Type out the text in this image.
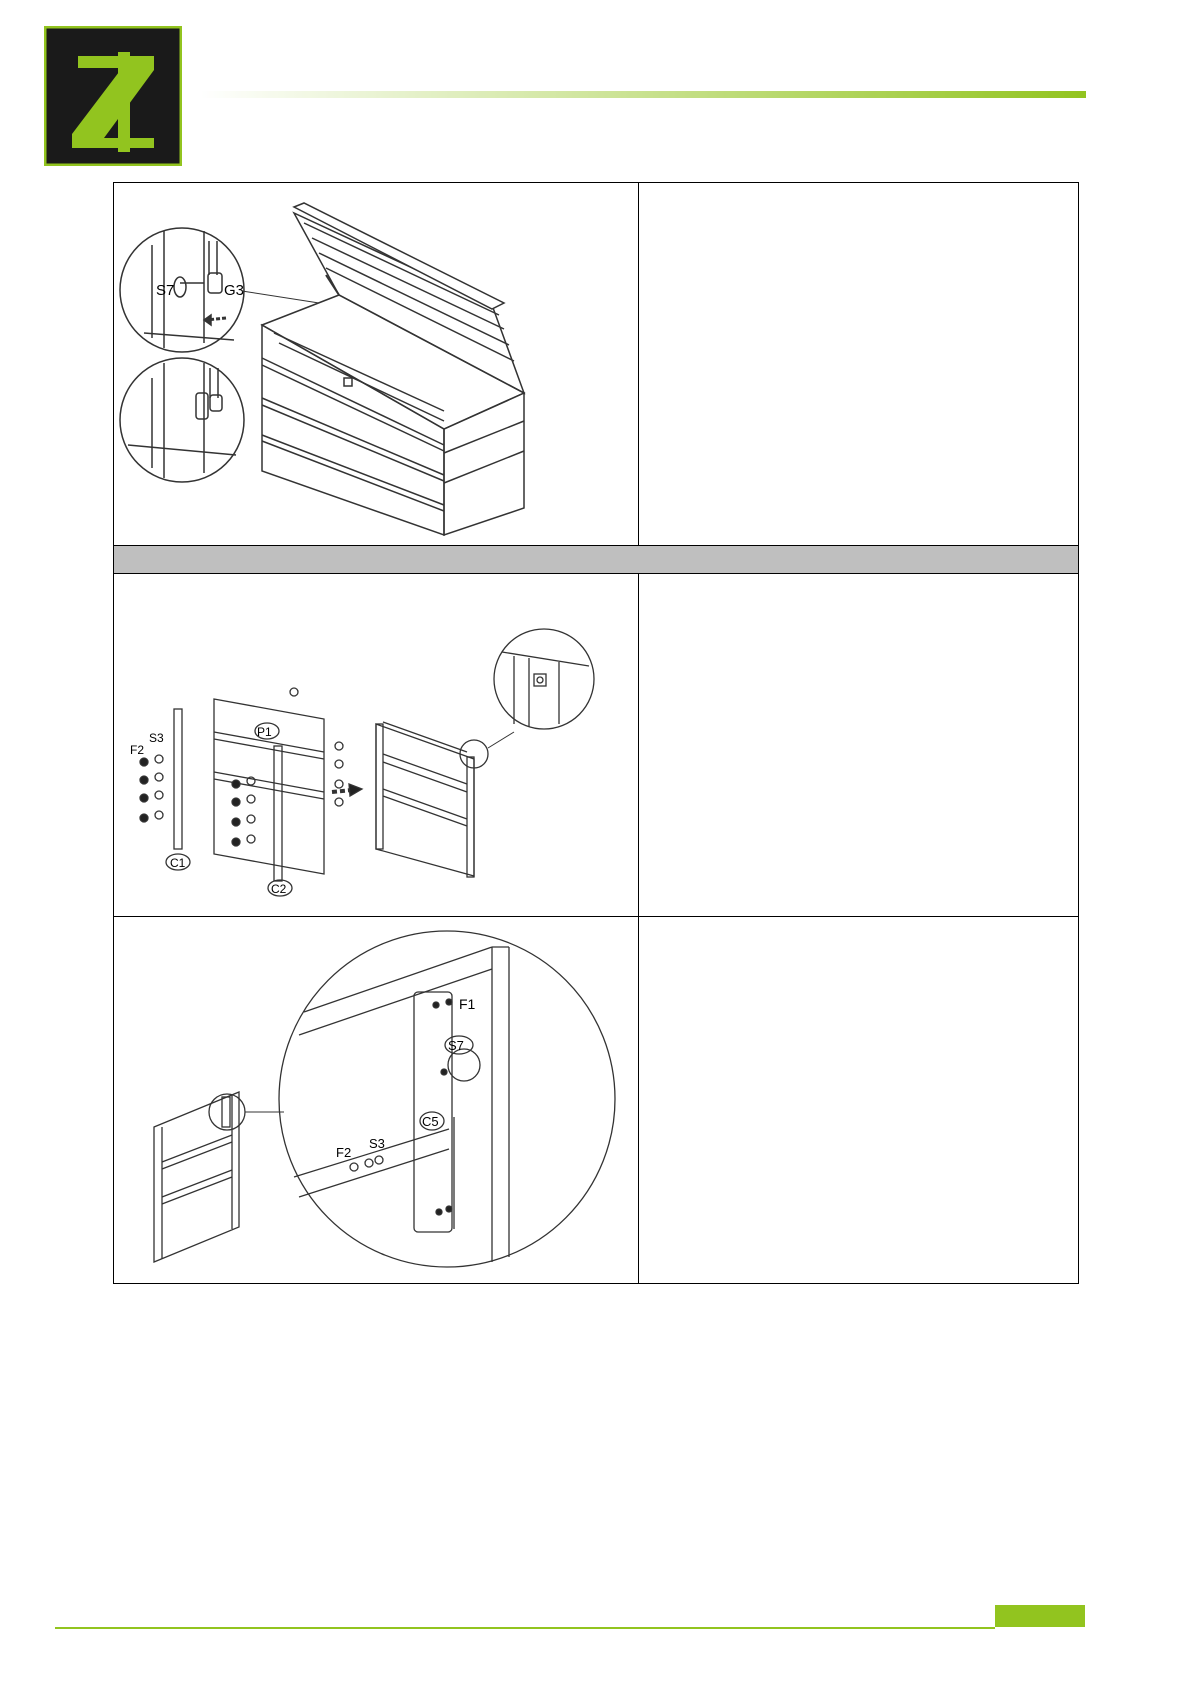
S7 G3	

P1
F2
S3
C1
C2	

S7
F1
C5
F2
S3	
